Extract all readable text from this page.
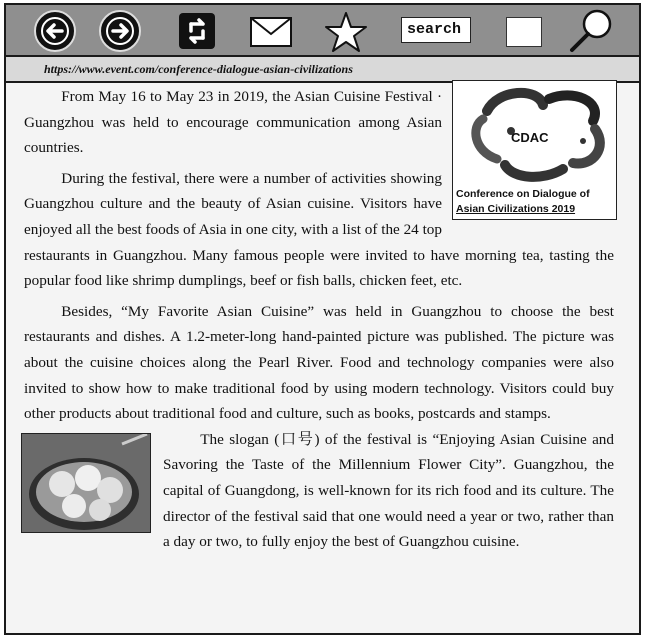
search
https://www.event.com/conference-dialogue-asian-civilizations
CDAC
Conference on Dialogue of
Asian Civilizations 2019

From May 16 to May 23 in 2019, the Asian Cuisine Festival · Guangzhou was held to encourage communication among Asian countries.

During the festival, there were a number of activities showing Guangzhou culture and the beauty of Asian cuisine. Visitors have enjoyed all the best foods of Asia in one city, with a list of the 24 top restaurants in Guangzhou. Many famous people were invited to have morning tea, tasting the popular food like shrimp dumplings, beef or fish balls, chicken feet, etc.

Besides, “My Favorite Asian Cuisine” was held in Guangzhou to choose the best restaurants and dishes. A 1.2-meter-long hand-painted picture was published. The picture was about the cuisine choices along the Pearl River. Food and technology companies were also invited to show how to make traditional food by using modern technology. Visitors could buy other products about traditional food and culture, such as books, postcards and stamps.

The slogan (口号) of the festival is “Enjoying Asian Cuisine and Savoring the Taste of the Millennium Flower City”. Guangzhou, the capital of Guangdong, is well-known for its rich food and its culture. The director of the festival said that one would need a year or two, rather than a day or two, to fully enjoy the best of Guangzhou cuisine.
